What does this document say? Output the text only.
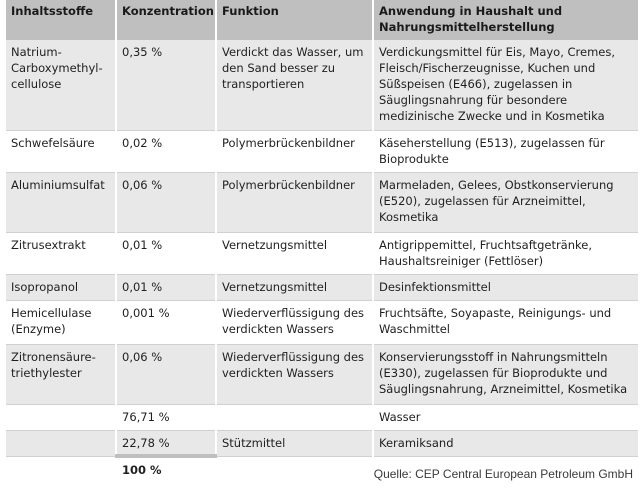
Inhaltsstoffe	Konzentration	Funktion	Anwendung in Haushalt und Nahrungsmittelherstellung
Natrium-Carboxymethyl-cellulose	0,35 %	Verdickt das Wasser, um den Sand besser zu transportieren	Verdickungsmittel für Eis, Mayo, Cremes, Fleisch/Fischerzeugnisse, Kuchen und Süßspeisen (E466), zugelassen in Säuglingsnahrung für besondere medizinische Zwecke und in Kosmetika
Schwefelsäure	0,02 %	Polymerbrückenbildner	Käseherstellung (E513), zugelassen für Bioprodukte
Aluminiumsulfat	0,06 %	Polymerbrückenbildner	Marmeladen, Gelees, Obstkonservierung (E520), zugelassen für Arzneimittel, Kosmetika
Zitrusextrakt	0,01 %	Vernetzungsmittel	Antigrippemittel, Fruchtsaftgetränke, Haushaltsreiniger (Fettlöser)
Isopropanol	0,01 %	Vernetzungsmittel	Desinfektionsmittel
Hemicellulase (Enzyme)	0,001 %	Wiederverflüssigung des verdickten Wassers	Fruchtsäfte, Soyapaste, Reinigungs- und Waschmittel
Zitronensäure-triethylester	0,06 %	Wiederverflüssigung des verdickten Wassers	Konservierungsstoff in Nahrungsmitteln (E330), zugelassen für Bioprodukte und Säuglingsnahrung, Arzneimittel, Kosmetika
	76,71 %		Wasser
	22,78 %	Stützmittel	Keramiksand
	100 %			Quelle: CEP Central European Petroleum GmbH
